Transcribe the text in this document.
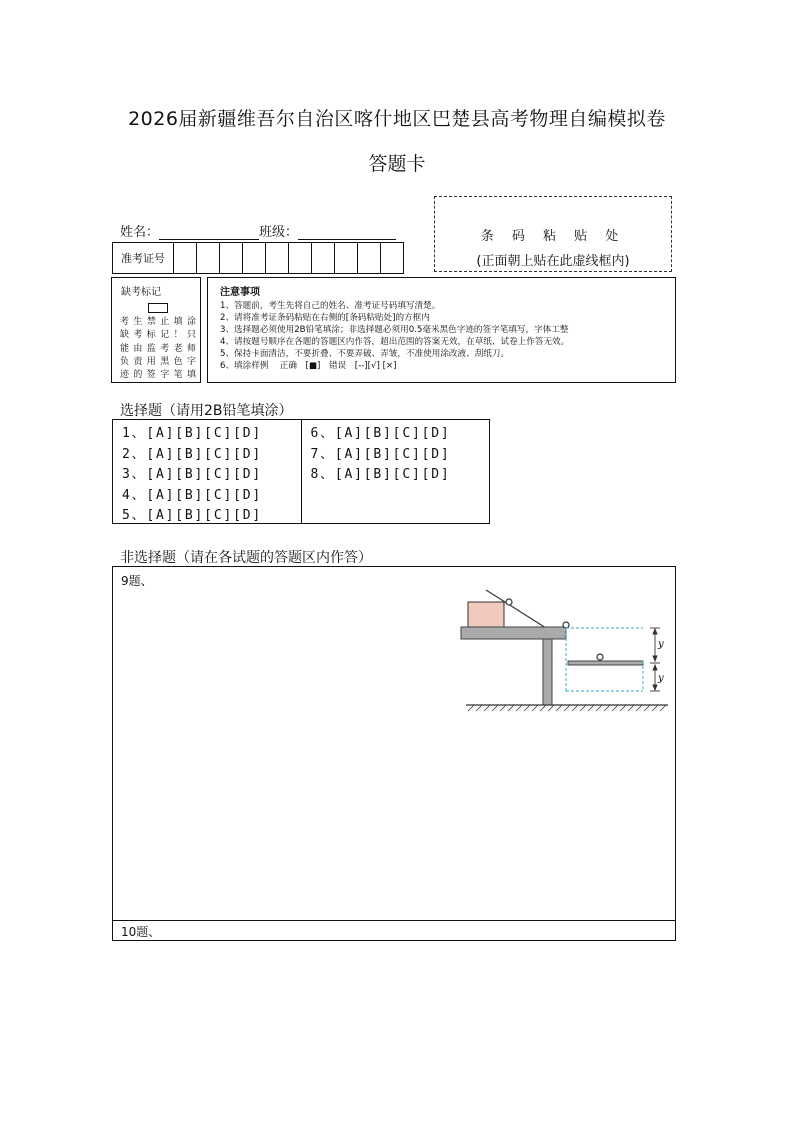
2026届新疆维吾尔自治区喀什地区巴楚县高考物理自编模拟卷
答题卡
姓名：	班级：
准考证号
条 码 粘 贴 处
(正面朝上贴在此虚线框内)
缺考标记
考生禁止填涂
缺考标记！只
能由监考老师
负责用黑色字
迹的签字笔填
注意事项
1、答题前，考生先将自己的姓名、准考证号码填写清楚。
2、请将准考证条码粘贴在右侧的[条码粘贴处]的方框内
3、选择题必须使用2B铅笔填涂；非选择题必须用0.5毫米黑色字迹的签字笔填写，字体工整
4、请按题号顺序在各题的答题区内作答，超出范围的答案无效，在草纸、试卷上作答无效。
5、保持卡面清洁，不要折叠、不要弄破、弄皱，不准使用涂改液、刮纸刀。
6、填涂样例　 正确　[■]　错误　[--][√] [×]
选择题（请用2B铅笔填涂）
1、[A][B][C][D]
2、[A][B][C][D]
3、[A][B][C][D]
4、[A][B][C][D]
5、[A][B][C][D]
6、[A][B][C][D]
7、[A][B][C][D]
8、[A][B][C][D]
非选择题（请在各试题的答题区内作答）
9题、
y
y
10题、
